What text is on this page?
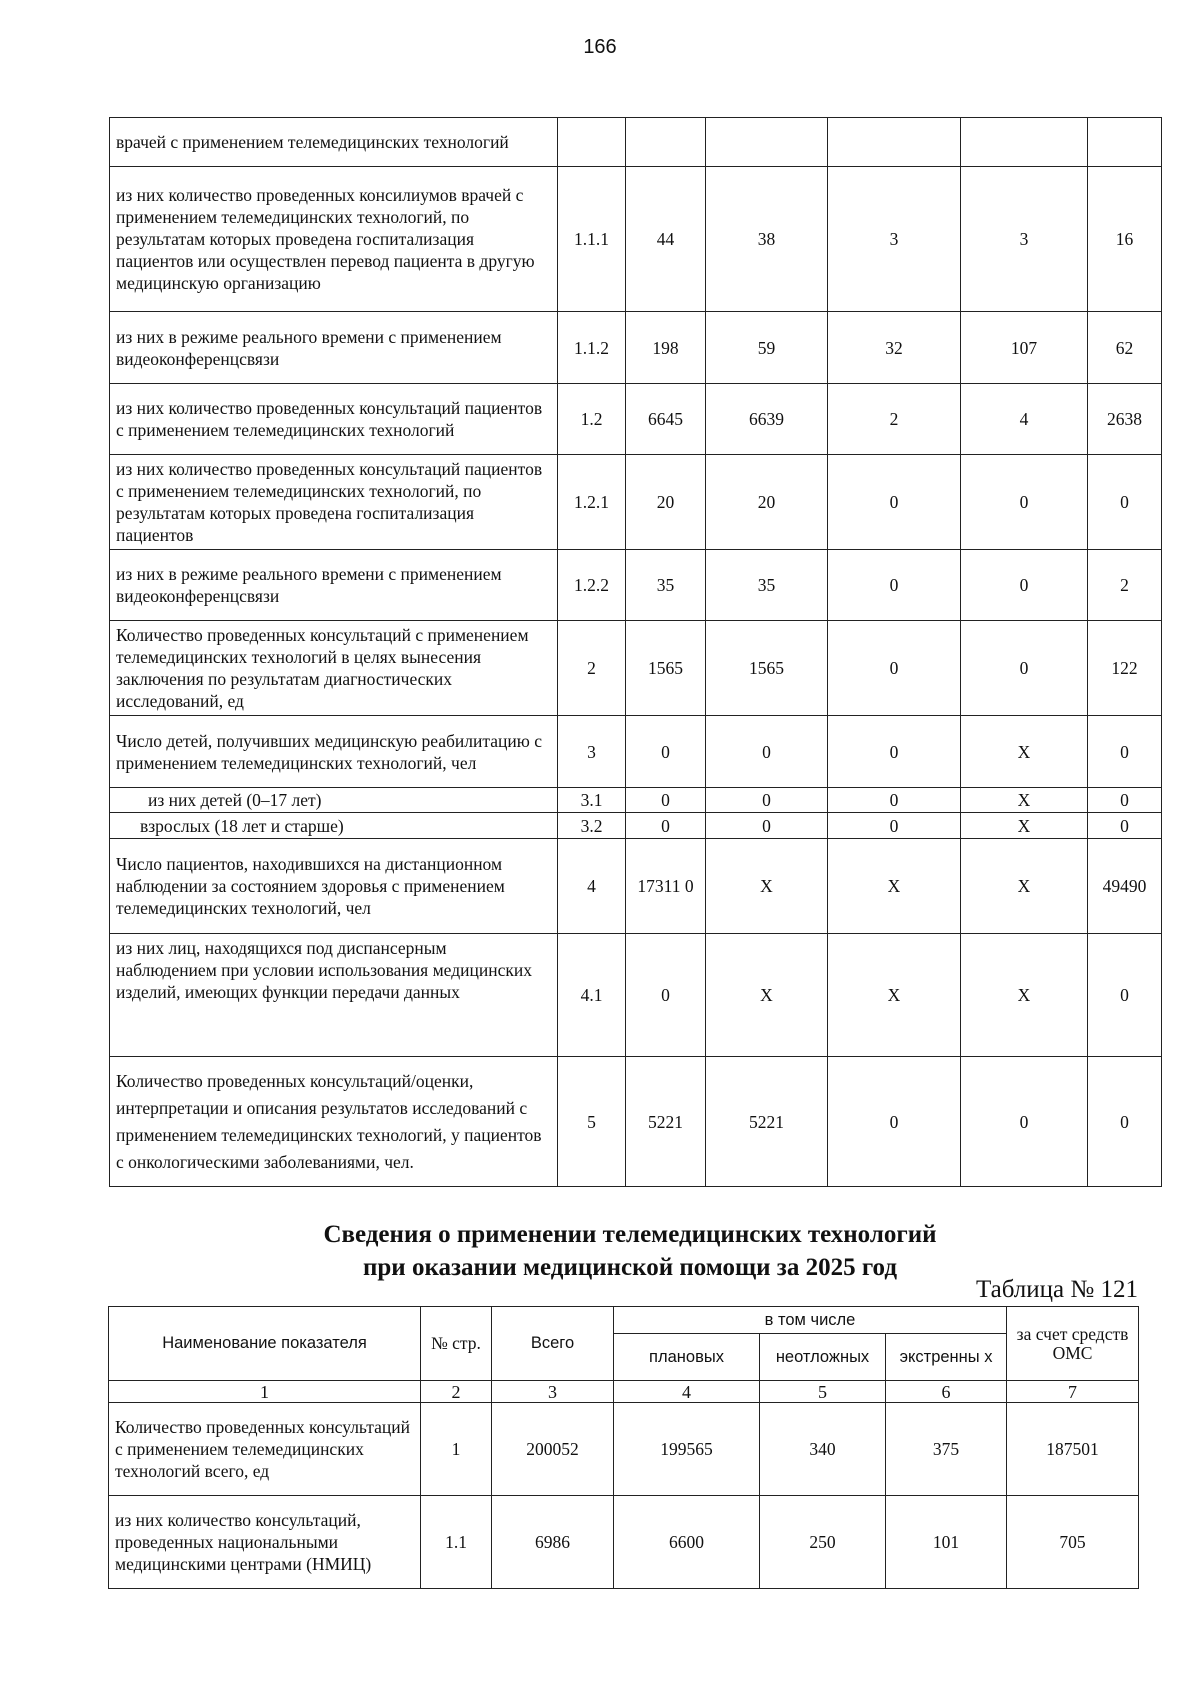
166
врачей с применением телемедицинских технологий						
из них количество проведенных консилиумов врачей с применением телемедицинских технологий, по результатам которых проведена госпитализация пациентов или осуществлен перевод пациента в другую медицинскую организацию	1.1.1	44	38	3	3	16
из них в режиме реального времени с применением видеоконференцсвязи	1.1.2	198	59	32	107	62
из них количество проведенных консультаций пациентов с применением телемедицинских технологий	1.2	6645	6639	2	4	2638
из них количество проведенных консультаций пациентов с применением телемедицинских технологий, по результатам которых проведена госпитализация пациентов	1.2.1	20	20	0	0	0
из них в режиме реального времени с применением видеоконференцсвязи	1.2.2	35	35	0	0	2
Количество проведенных консультаций с применением телемедицинских технологий в целях вынесения заключения по результатам диагностических исследований, ед	2	1565	1565	0	0	122
Число детей, получивших медицинскую реабилитацию с применением телемедицинских технологий, чел	3	0	0	0	X	0
из них детей (0–17 лет)	3.1	0	0	0	X	0
взрослых (18 лет и старше)	3.2	0	0	0	X	0
Число пациентов, находившихся на дистанционном наблюдении за состоянием здоровья с применением телемедицинских технологий, чел	4	17311 0	X	X	X	49490
из них лиц, находящихся под диспансерным наблюдением при условии использования медицинских изделий, имеющих функции передачи данных	4.1	0	X	X	X	0
Количество проведенных консультаций/оценки, интерпретации и описания результатов исследований с применением телемедицинских технологий, у пациентов с онкологическими заболеваниями, чел.	5	5221	5221	0	0	0
Сведения о применении телемедицинских технологий
при оказании медицинской помощи за 2025 год
Таблица № 121
Наименование показателя	№ стр.	Всего	в том числе			за счет средств ОМС
			плановых	неотложных	экстренны х	
1	2	3	4	5	6	7
Количество проведенных консультаций с применением телемедицинских технологий всего, ед	1	200052	199565	340	375	187501
из них количество консультаций, проведенных национальными медицинскими центрами (НМИЦ)	1.1	6986	6600	250	101	705
